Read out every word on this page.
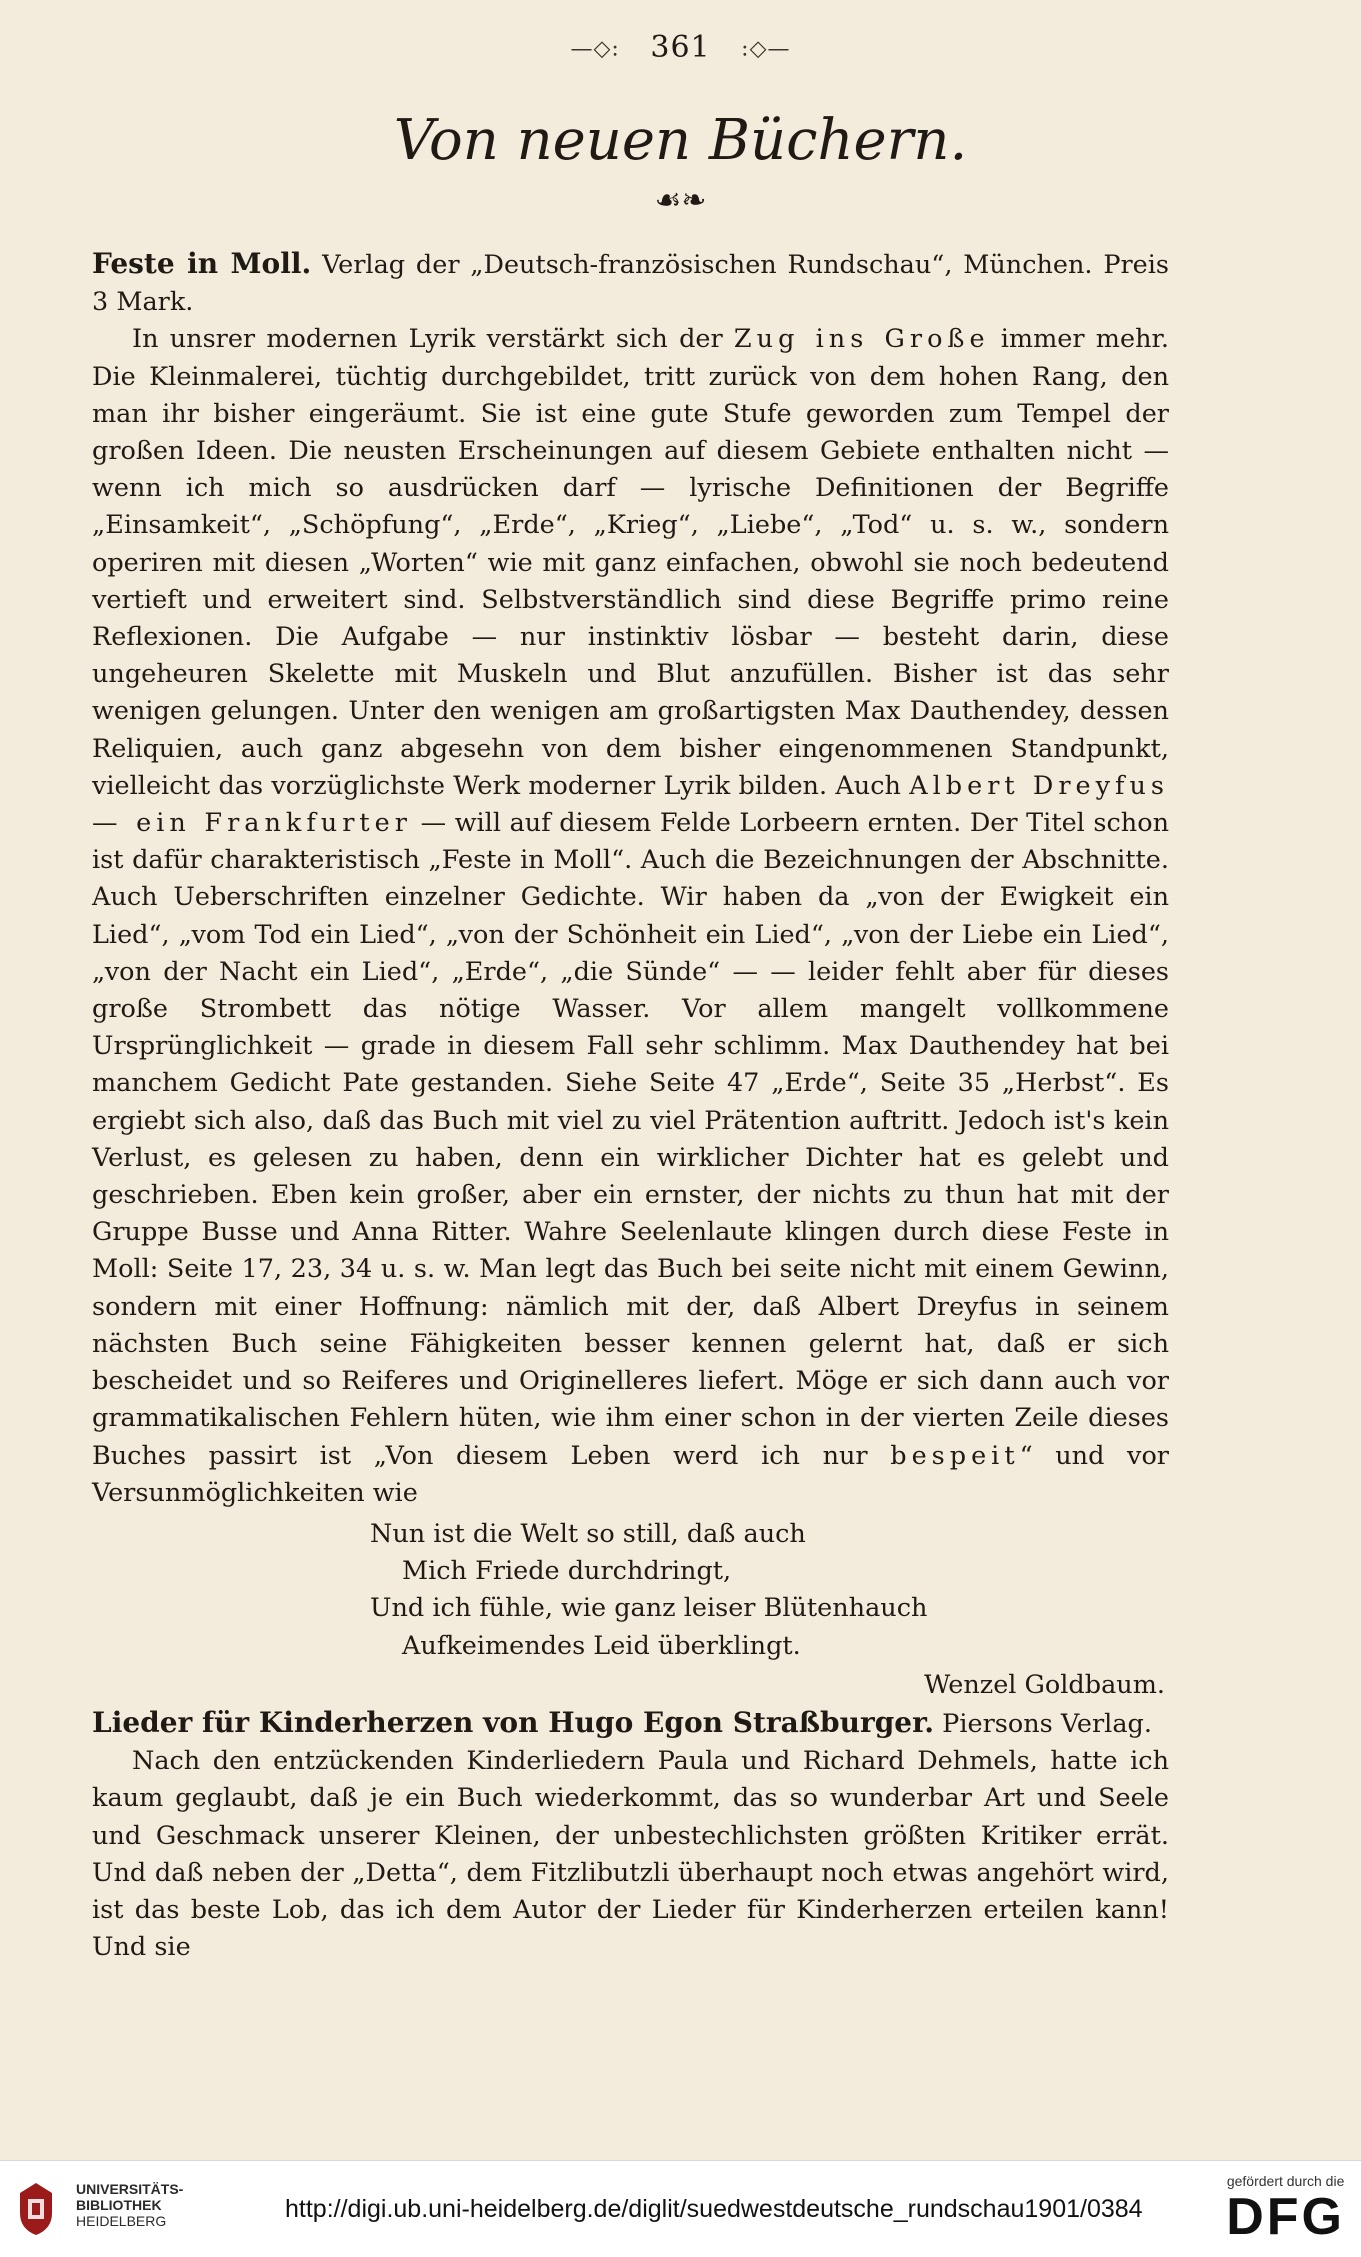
—◇: 361 :◇—
Von neuen Büchern.
☙❧

Feste in Moll. Verlag der „Deutsch-französischen Rundschau“, München. Preis 3 Mark.

In unsrer modernen Lyrik verstärkt sich der Zug ins Große immer mehr. Die Kleinmalerei, tüchtig durchgebildet, tritt zurück von dem hohen Rang, den man ihr bisher eingeräumt. Sie ist eine gute Stufe geworden zum Tempel der großen Ideen. Die neusten Erscheinungen auf diesem Gebiete enthalten nicht — wenn ich mich so ausdrücken darf — lyrische Definitionen der Begriffe „Einsamkeit“, „Schöpfung“, „Erde“, „Krieg“, „Liebe“, „Tod“ u. s. w., sondern operiren mit diesen „Worten“ wie mit ganz einfachen, obwohl sie noch bedeutend vertieft und erweitert sind. Selbstverständlich sind diese Begriffe primo reine Reflexionen. Die Aufgabe — nur instinktiv lösbar — besteht darin, diese ungeheuren Skelette mit Muskeln und Blut anzufüllen. Bisher ist das sehr wenigen gelungen. Unter den wenigen am großartigsten Max Dauthendey, dessen Reliquien, auch ganz abgesehn von dem bisher eingenommenen Standpunkt, vielleicht das vorzüglichste Werk moderner Lyrik bilden. Auch Albert Dreyfus — ein Frankfurter — will auf diesem Felde Lorbeern ernten. Der Titel schon ist dafür charakteristisch „Feste in Moll“. Auch die Bezeichnungen der Abschnitte. Auch Ueberschriften einzelner Gedichte. Wir haben da „von der Ewigkeit ein Lied“, „vom Tod ein Lied“, „von der Schönheit ein Lied“, „von der Liebe ein Lied“, „von der Nacht ein Lied“, „Erde“, „die Sünde“ — — leider fehlt aber für dieses große Strombett das nötige Wasser. Vor allem mangelt vollkommene Ursprünglichkeit — grade in diesem Fall sehr schlimm. Max Dauthendey hat bei manchem Gedicht Pate gestanden. Siehe Seite 47 „Erde“, Seite 35 „Herbst“. Es ergiebt sich also, daß das Buch mit viel zu viel Prätention auftritt. Jedoch ist's kein Verlust, es gelesen zu haben, denn ein wirklicher Dichter hat es gelebt und geschrieben. Eben kein großer, aber ein ernster, der nichts zu thun hat mit der Gruppe Busse und Anna Ritter. Wahre Seelenlaute klingen durch diese Feste in Moll: Seite 17, 23, 34 u. s. w. Man legt das Buch bei seite nicht mit einem Gewinn, sondern mit einer Hoffnung: nämlich mit der, daß Albert Dreyfus in seinem nächsten Buch seine Fähigkeiten besser kennen gelernt hat, daß er sich bescheidet und so Reiferes und Originelleres liefert. Möge er sich dann auch vor grammatikalischen Fehlern hüten, wie ihm einer schon in der vierten Zeile dieses Buches passirt ist „Von diesem Leben werd ich nur bespeit“ und vor Versunmöglichkeiten wie

Nun ist die Welt so still, daß auch
Mich Friede durchdringt,
Und ich fühle, wie ganz leiser Blütenhauch
Aufkeimendes Leid überklingt.
Wenzel Goldbaum.

Lieder für Kinderherzen von Hugo Egon Straßburger. Piersons Verlag.

Nach den entzückenden Kinderliedern Paula und Richard Dehmels, hatte ich kaum geglaubt, daß je ein Buch wiederkommt, das so wunderbar Art und Seele und Geschmack unserer Kleinen, der unbestechlichsten größten Kritiker errät. Und daß neben der „Detta“, dem Fitzlibutzli überhaupt noch etwas angehört wird, ist das beste Lob, das ich dem Autor der Lieder für Kinderherzen erteilen kann! Und sie

UNIVERSITÄTS-
BIBLIOTHEK
HEIDELBERG	http://digi.ub.uni-heidelberg.de/diglit/suedwestdeutsche_rundschau1901/0384
gefördert durch die
DFG
